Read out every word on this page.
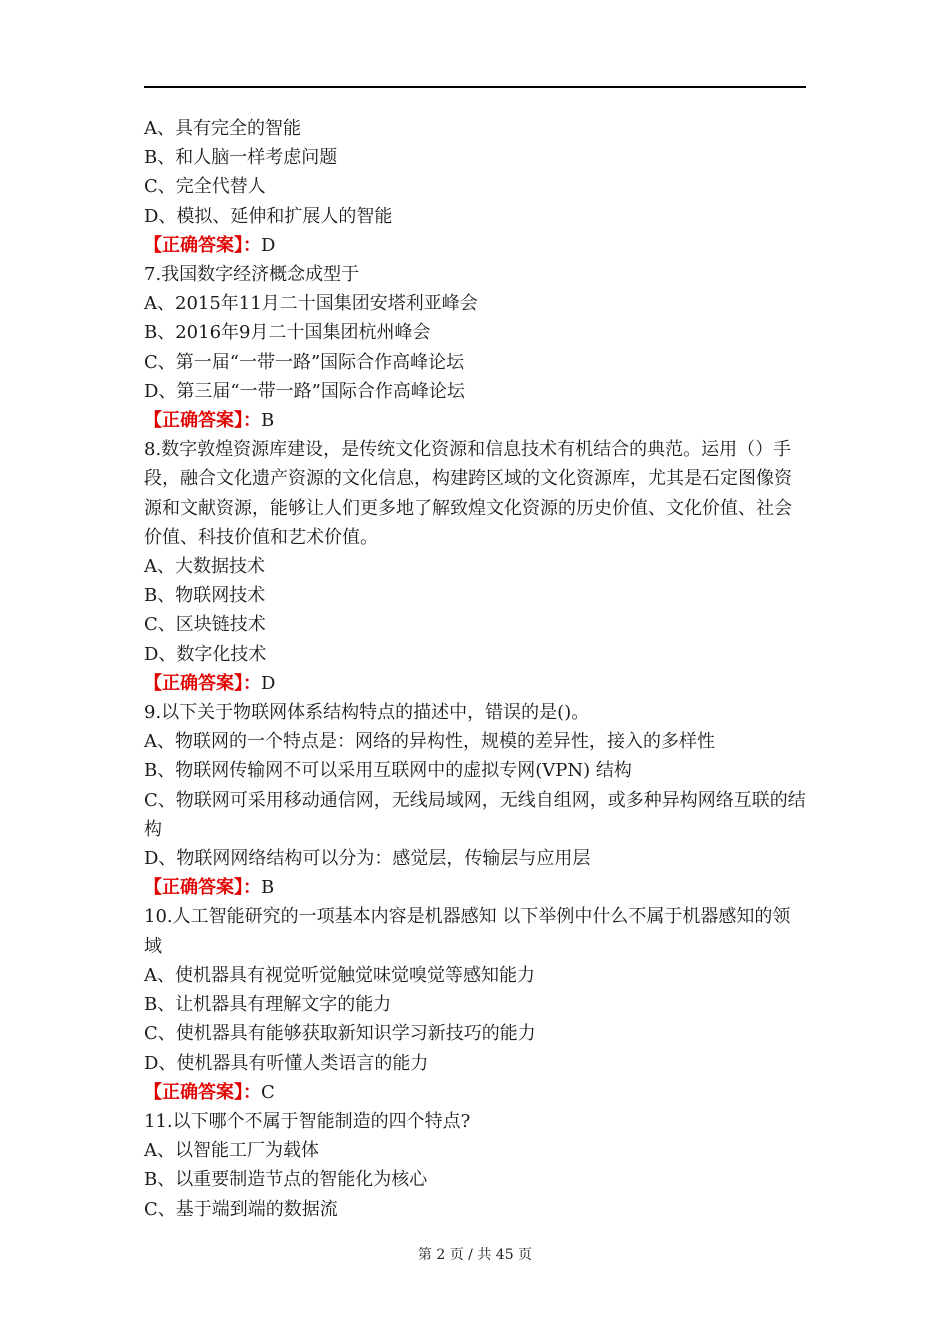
A、具有完全的智能
B、和人脑一样考虑问题
C、完全代替人
D、模拟、延伸和扩展人的智能
【正确答案】：D
7.我国数字经济概念成型于
A、2015年11月二十国集团安塔利亚峰会
B、2016年9月二十国集团杭州峰会
C、第一届“一带一路”国际合作高峰论坛
D、第三届“一带一路”国际合作高峰论坛
【正确答案】：B
8.数字敦煌资源库建设，是传统文化资源和信息技术有机结合的典范。运用（）手段，融合文化遗产资源的文化信息，构建跨区域的文化资源库，尤其是石定图像资源和文献资源，能够让人们更多地了解致煌文化资源的历史价值、文化价值、社会价值、科技价值和艺术价值。
A、大数据技术
B、物联网技术
C、区块链技术
D、数字化技术
【正确答案】：D
9.以下关于物联网体系结构特点的描述中，错误的是()。
A、物联网的一个特点是：网络的异构性，规模的差异性，接入的多样性
B、物联网传输网不可以采用互联网中的虚拟专网(VPN) 结构
C、物联网可采用移动通信网，无线局域网，无线自组网，或多种异构网络互联的结构
D、物联网网络结构可以分为：感觉层，传输层与应用层
【正确答案】：B
10.人工智能研究的一项基本内容是机器感知 以下举例中什么不属于机器感知的领域
A、使机器具有视觉听觉触觉味觉嗅觉等感知能力
B、让机器具有理解文字的能力
C、使机器具有能够获取新知识学习新技巧的能力
D、使机器具有听懂人类语言的能力
【正确答案】：C
11.以下哪个不属于智能制造的四个特点?
A、以智能工厂为载体
B、以重要制造节点的智能化为核心
C、基于端到端的数据流
第 2 页 / 共 45 页
